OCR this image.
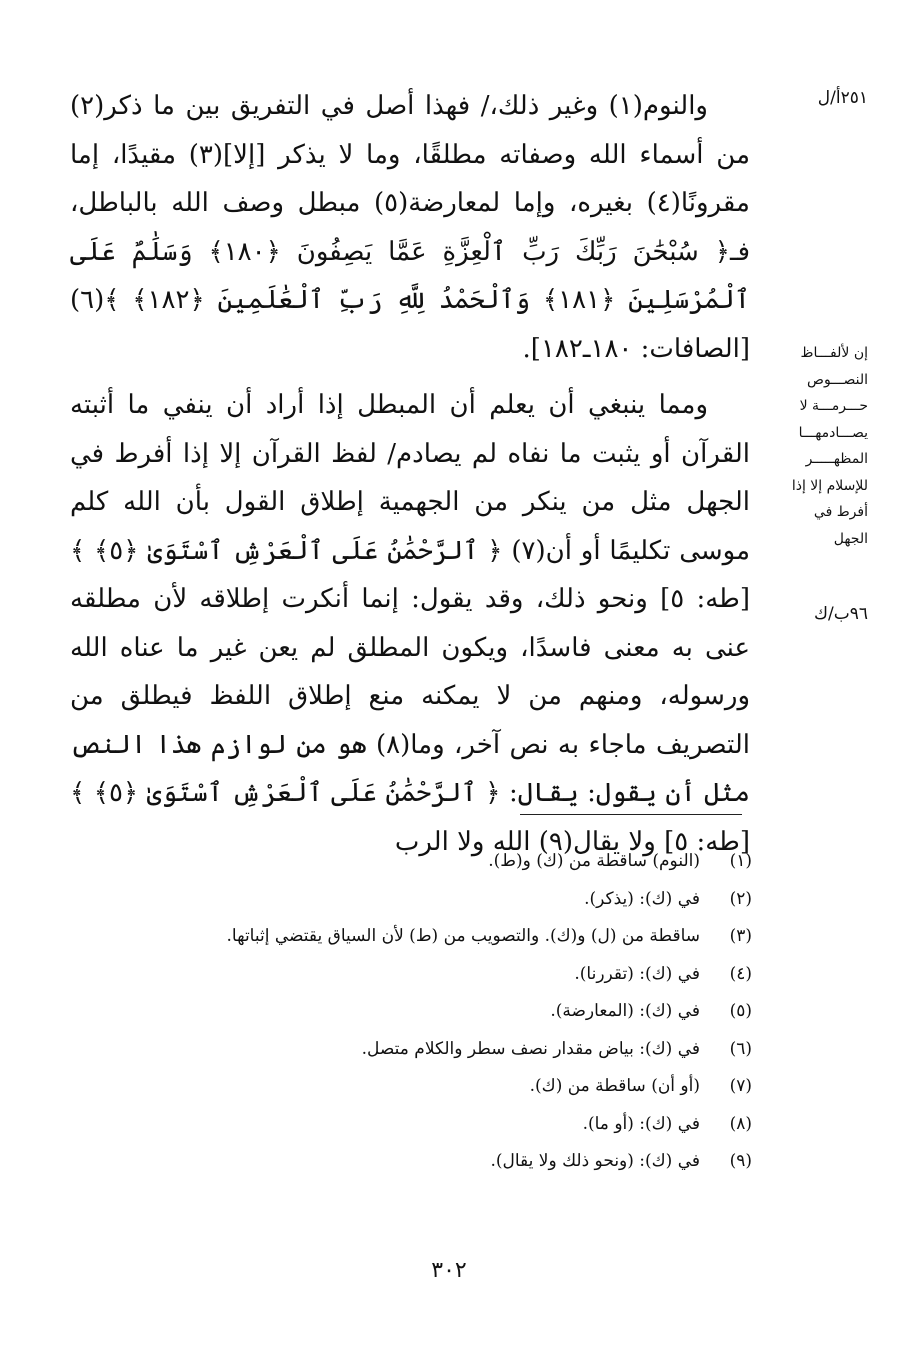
٢٥١أ/ل
إن لألفـــاظ النصـــوص حـــرمـــة لا يصـــادمهـــا المظهـــــر للإسلام إلا إذا أفرط في الجهل
٩٦ب/ك

والنوم(١) وغير ذلك،/ فهذا أصل في التفريق بين ما ذكر(٢) من أسماء الله وصفاته مطلقًا، وما لا يذكر [إلا](٣) مقيدًا، إما مقرونًا(٤) بغيره، وإما لمعارضة(٥) مبطل وصف الله بالباطل، فـ﴿ سُبْحَٰنَ رَبِّكَ رَبِّ ٱلْعِزَّةِ عَمَّا يَصِفُونَ ﴿١٨٠﴾ وَسَلَٰمٌ عَلَى ٱلْمُرْسَلِينَ ﴿١٨١﴾ وَٱلْحَمْدُ لِلَّهِ رَبِّ ٱلْعَٰلَمِينَ ﴿١٨٢﴾ ﴾(٦) [الصافات: ١٨٠ـ١٨٢].

ومما ينبغي أن يعلم أن المبطل إذا أراد أن ينفي ما أثبته القرآن أو يثبت ما نفاه لم يصادم/ لفظ القرآن إلا إذا أفرط في الجهل مثل من ينكر من الجهمية إطلاق القول بأن الله كلم موسى تكليمًا أو أن(٧) ﴿ ٱلرَّحْمَٰنُ عَلَى ٱلْعَرْشِ ٱسْتَوَىٰ ﴿٥﴾ ﴾ [طه: ٥] ونحو ذلك، وقد يقول: إنما أنكرت إطلاقه لأن مطلقه عنى به معنى فاسدًا، ويكون المطلق لم يعن غير ما عناه الله ورسوله، ومنهم من لا يمكنه منع إطلاق اللفظ فيطلق من التصريف ماجاء به نص آخر، وما(٨) هو من لوازم هذا النص مثل أن يقول: يقال: ﴿ ٱلرَّحْمَٰنُ عَلَى ٱلْعَرْشِ ٱسْتَوَىٰ ﴿٥﴾ ﴾ [طه: ٥] ولا يقال(٩) الله ولا الرب

(١)(النوم) ساقطة من (ك) و(ط).
(٢)في (ك): (يذكر).
(٣)ساقطة من (ل) و(ك). والتصويب من (ط) لأن السياق يقتضي إثباتها.
(٤)في (ك): (تقررنا).
(٥)في (ك): (المعارضة).
(٦)في (ك): بياض مقدار نصف سطر والكلام متصل.
(٧)(أو أن) ساقطة من (ك).
(٨)في (ك): (أو ما).
(٩)في (ك): (ونحو ذلك ولا يقال).
٣٠٢
